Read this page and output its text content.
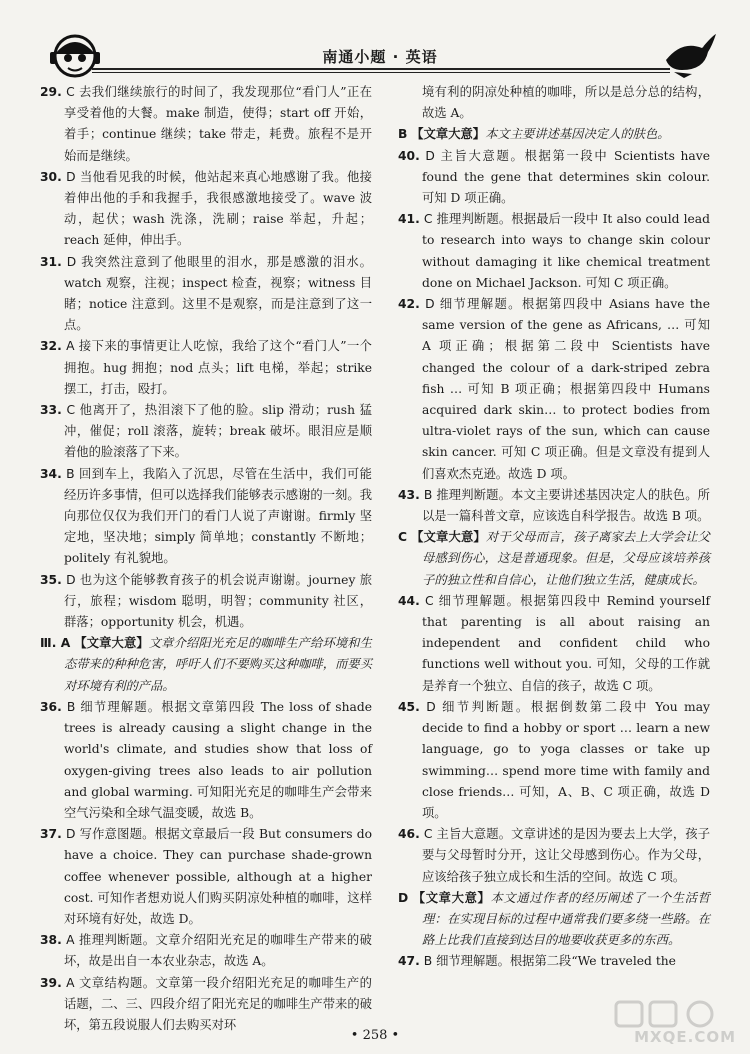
南通小题 · 英语
29. C 去我们继续旅行的时间了，我发现那位“看门人”正在享受着他的大餐。make 制造，使得；start off 开始，着手；continue 继续；take 带走，耗费。旅程不是开始而是继续。
30. D 当他看见我的时候，他站起来真心地感谢了我。他接着伸出他的手和我握手，我很感激地接受了。wave 波动，起伏；wash 洗涤，洗刷；raise 举起，升起；reach 延伸，伸出手。
31. D 我突然注意到了他眼里的泪水，那是感激的泪水。watch 观察，注视；inspect 检查，视察；witness 目睹；notice 注意到。这里不是观察，而是注意到了这一点。
32. A 接下来的事情更让人吃惊，我给了这个“看门人”一个拥抱。hug 拥抱；nod 点头；lift 电梯，举起；strike 摆工，打击，殴打。
33. C 他离开了，热泪滚下了他的脸。slip 滑动；rush 猛冲，催促；roll 滚落，旋转；break 破坏。眼泪应是顺着他的脸滚落了下来。
34. B 回到车上，我陷入了沉思，尽管在生活中，我们可能经历许多事情，但可以选择我们能够表示感谢的一刻。我向那位仅仅为我们开门的看门人说了声谢谢。firmly 坚定地，坚决地；simply 简单地；constantly 不断地；politely 有礼貌地。
35. D 也为这个能够教育孩子的机会说声谢谢。journey 旅行，旅程；wisdom 聪明，明智；community 社区，群落；opportunity 机会，机遇。
Ⅲ. A 【文章大意】文章介绍阳光充足的咖啡生产给环境和生态带来的种种危害，呼吁人们不要购买这种咖啡，而要买对环境有利的产品。
36. B 细节理解题。根据文章第四段 The loss of shade trees is already causing a slight change in the world's climate, and studies show that loss of oxygen-giving trees also leads to air pollution and global warming. 可知阳光充足的咖啡生产会带来空气污染和全球气温变暖，故选 B。
37. D 写作意图题。根据文章最后一段 But consumers do have a choice. They can purchase shade-grown coffee whenever possible, although at a higher cost. 可知作者想劝说人们购买阴凉处种植的咖啡，这样对环境有好处，故选 D。
38. A 推理判断题。文章介绍阳光充足的咖啡生产带来的破坏，故是出自一本农业杂志，故选 A。
39. A 文章结构题。文章第一段介绍阳光充足的咖啡生产的话题，二、三、四段介绍了阳光充足的咖啡生产带来的破坏，第五段说服人们去购买对环
境有利的阴凉处种植的咖啡，所以是总分总的结构，故选 A。
B 【文章大意】本文主要讲述基因决定人的肤色。
40. D 主旨大意题。根据第一段中 Scientists have found the gene that determines skin colour. 可知 D 项正确。
41. C 推理判断题。根据最后一段中 It also could lead to research into ways to change skin colour without damaging it like chemical treatment done on Michael Jackson. 可知 C 项正确。
42. D 细节理解题。根据第四段中 Asians have the same version of the gene as Africans, … 可知 A 项正确；根据第二段中 Scientists have changed the colour of a dark-striped zebra fish … 可知 B 项正确；根据第四段中 Humans acquired dark skin… to protect bodies from ultra-violet rays of the sun, which can cause skin cancer. 可知 C 项正确。但是文章没有提到人们喜欢杰克逊。故选 D 项。
43. B 推理判断题。本文主要讲述基因决定人的肤色。所以是一篇科普文章，应该选自科学报告。故选 B 项。
C 【文章大意】对于父母而言，孩子离家去上大学会让父母感到伤心，这是普通现象。但是，父母应该培养孩子的独立性和自信心，让他们独立生活，健康成长。
44. C 细节理解题。根据第四段中 Remind yourself that parenting is all about raising an independent and confident child who functions well without you. 可知，父母的工作就是养育一个独立、自信的孩子，故选 C 项。
45. D 细节判断题。根据倒数第二段中 You may decide to find a hobby or sport … learn a new language, go to yoga classes or take up swimming… spend more time with family and close friends… 可知，A、B、C 项正确，故选 D 项。
46. C 主旨大意题。文章讲述的是因为要去上大学，孩子要与父母暂时分开，这让父母感到伤心。作为父母，应该给孩子独立成长和生活的空间。故选 C 项。
D 【文章大意】本文通过作者的经历阐述了一个生活哲理：在实现目标的过程中通常我们要多绕一些路。在路上比我们直接到达目的地要收获更多的东西。
47. B 细节理解题。根据第二段“We traveled the
• 258 •	MXQE.COM
